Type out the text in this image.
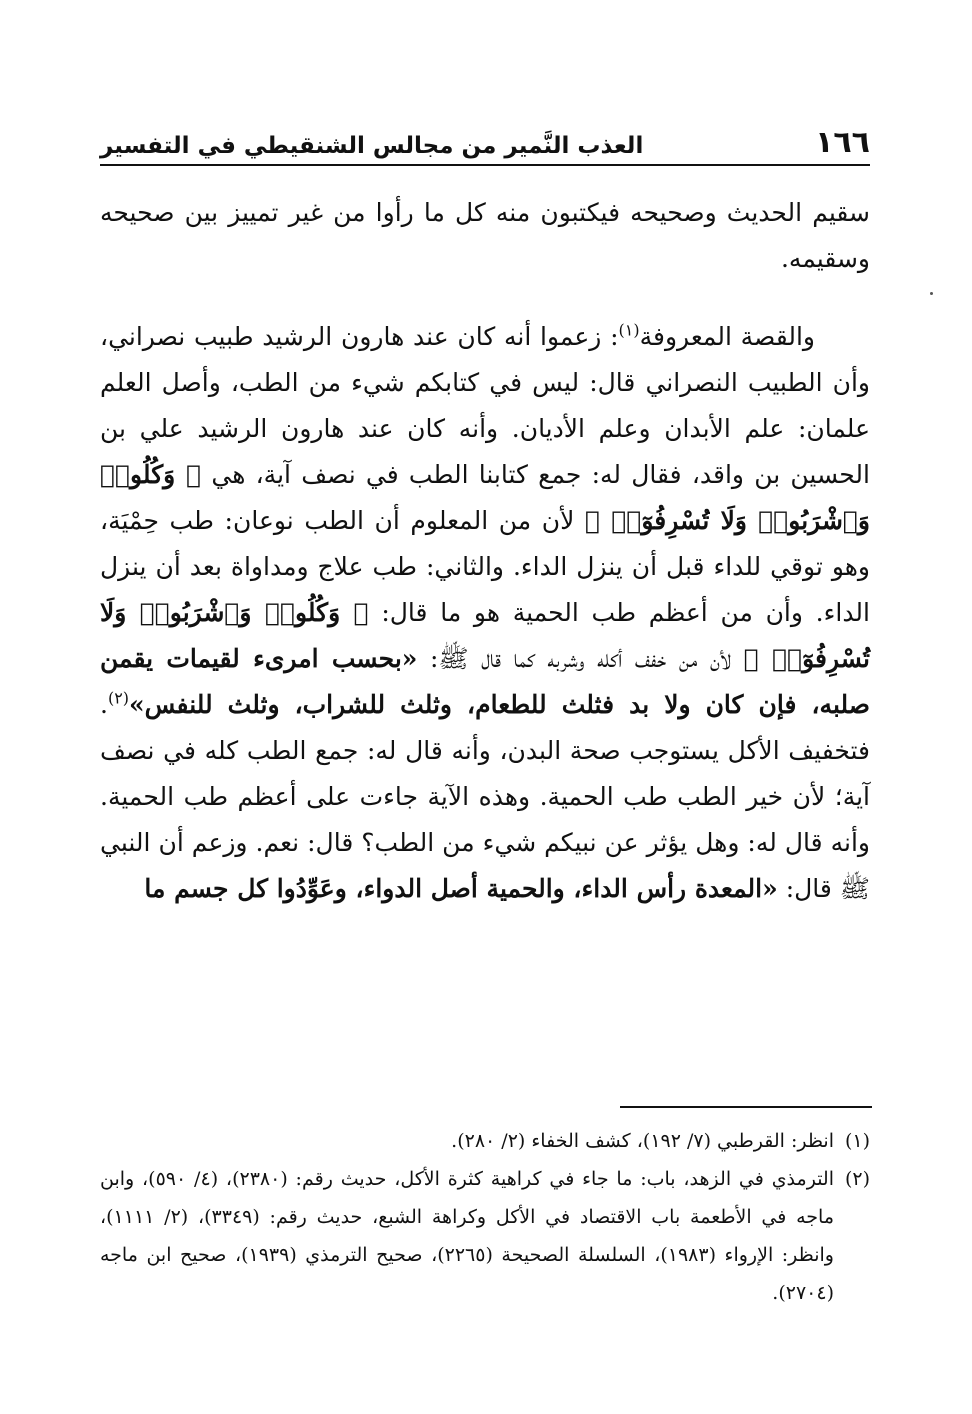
١٦٦
العذب النَّمير من مجالس الشنقيطي في التفسير

سقيم الحديث وصحيحه فيكتبون منه كل ما رأوا من غير تمييز بين صحيحه وسقيمه.

والقصة المعروفة$^{(١)}$: زعموا أنه كان عند هارون الرشيد طبيب نصراني، وأن الطبيب النصراني قال: ليس في كتابكم شيء من الطب، وأصل العلم علمان: علم الأبدان وعلم الأديان. وأنه كان عند هارون الرشيد علي بن الحسين بن واقد، فقال له: جمع كتابنا الطب في نصف آية، هي ﴿ وَكُلُوا۟ وَٱشْرَبُوا۟ وَلَا تُسْرِفُوٓا۟ ﴾ لأن من المعلوم أن الطب نوعان: طب حِمْيَة، وهو توقي للداء قبل أن ينزل الداء. والثاني: طب علاج ومداواة بعد أن ينزل الداء. وأن من أعظم طب الحمية هو ما قال: ﴿ وَكُلُوا۟ وَٱشْرَبُوا۟ وَلَا تُسْرِفُوٓا۟ ﴾ لأن من خفف أكله وشربه كما قال ﷺ: «بحسب امرىء لقيمات يقمن صلبه، فإن كان ولا بد فثلث للطعام، وثلث للشراب، وثلث للنفس»$^{(٢)}$. فتخفيف الأكل يستوجب صحة البدن، وأنه قال له: جمع الطب كله في نصف آية؛ لأن خير الطب طب الحمية. وهذه الآية جاءت على أعظم طب الحمية. وأنه قال له: وهل يؤثر عن نبيكم شيء من الطب؟ قال: نعم. وزعم أن النبي ﷺ قال: «المعدة رأس الداء، والحمية أصل الدواء، وعَوِّدُوا كل جسم ما

(١)
انظر: القرطبي (٧/ ١٩٢)، كشف الخفاء (٢/ ٢٨٠).
(٢)
الترمذي في الزهد، باب: ما جاء في كراهية كثرة الأكل، حديث رقم: (٢٣٨٠)، (٤/ ٥٩٠)، وابن ماجه في الأطعمة باب الاقتصاد في الأكل وكراهة الشبع، حديث رقم: (٣٣٤٩)، (٢/ ١١١١)، وانظر: الإرواء (١٩٨٣)، السلسلة الصحيحة (٢٢٦٥)، صحيح الترمذي (١٩٣٩)، صحيح ابن ماجه (٢٧٠٤).
